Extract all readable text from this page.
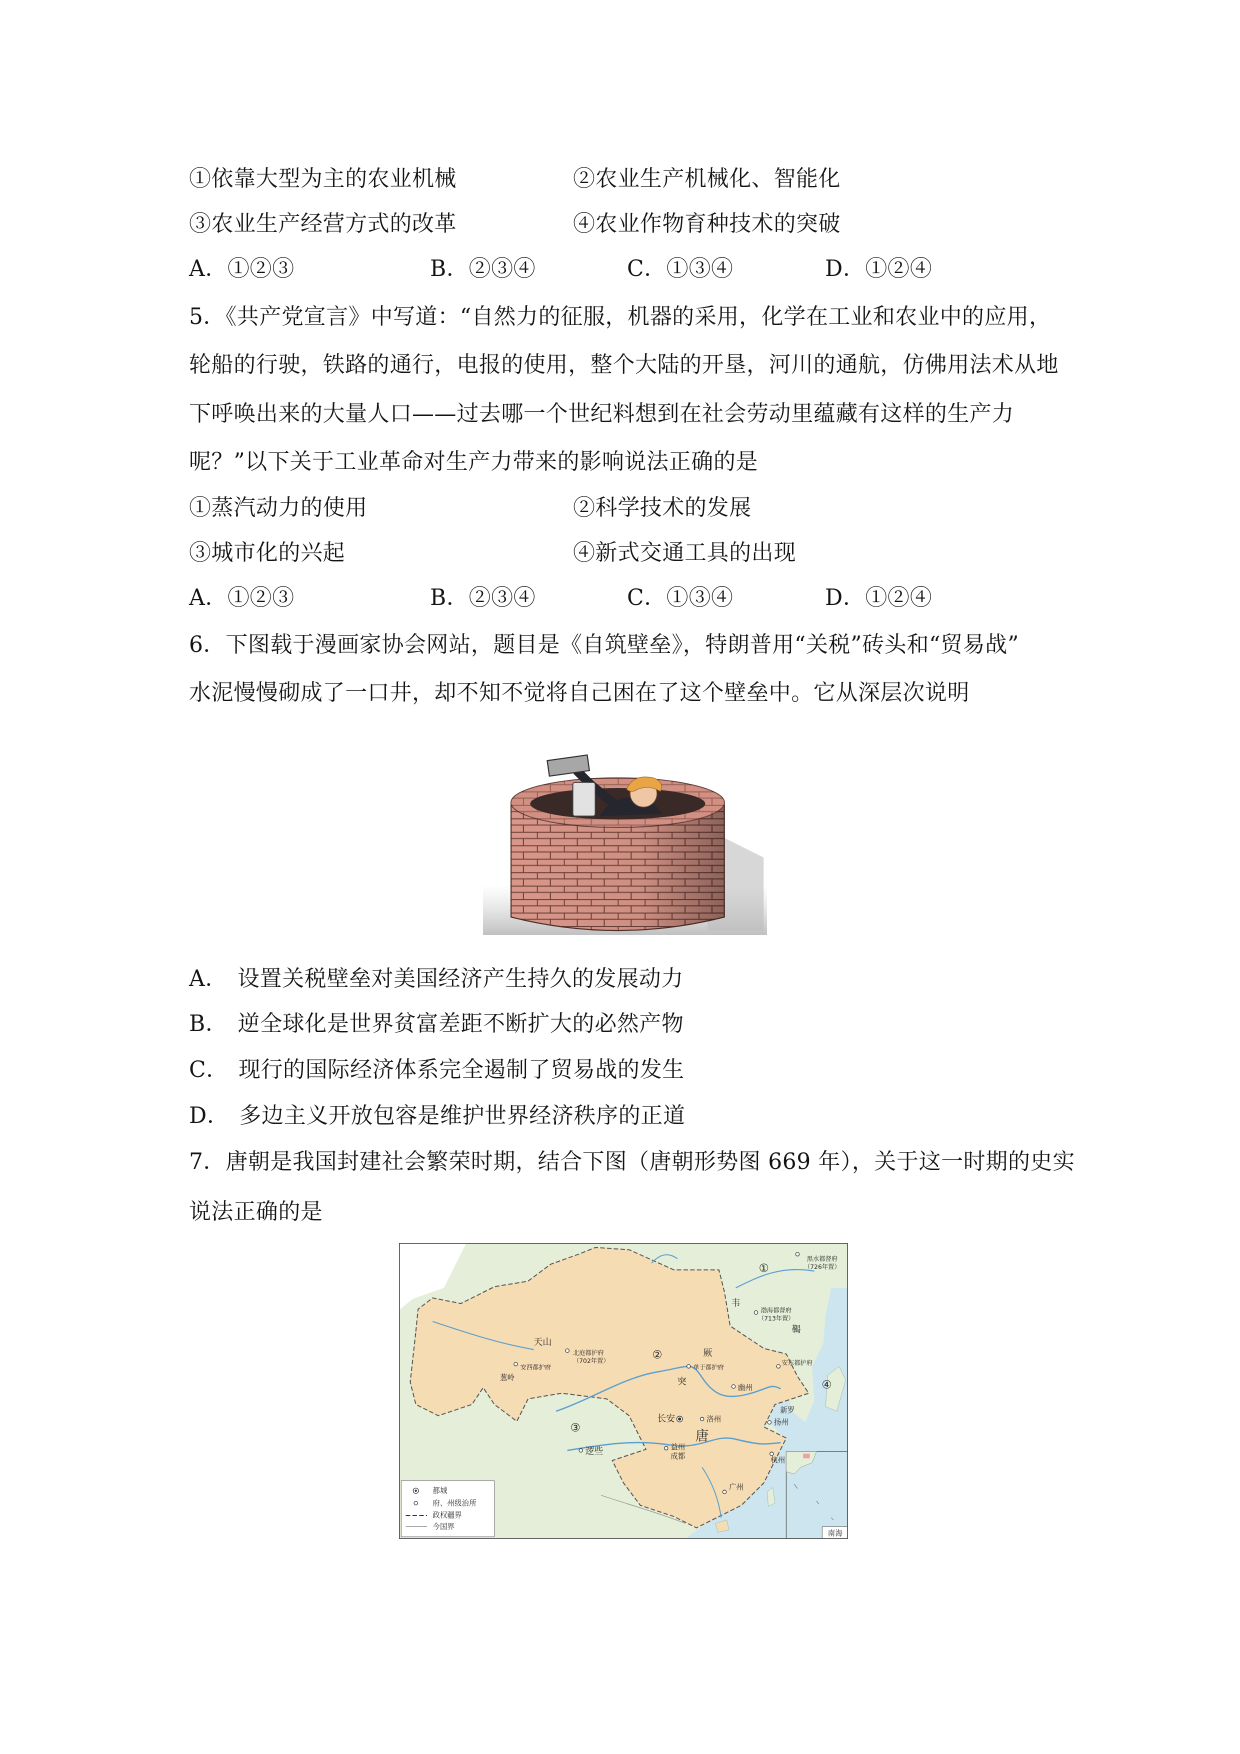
①依靠大型为主的农业机械	②农业生产机械化、智能化
③农业生产经营方式的改革	④农业作物育种技术的突破
A．①②③	B．②③④	C．①③④	D．①②④
5．《共产党宣言》中写道：“自然力的征服，机器的采用，化学在工业和农业中的应用，
轮船的行驶，铁路的通行，电报的使用，整个大陆的开垦，河川的通航，仿佛用法术从地
下呼唤出来的大量人口——过去哪一个世纪料想到在社会劳动里蕴藏有这样的生产力
呢？”以下关于工业革命对生产力带来的影响说法正确的是
①蒸汽动力的使用	②科学技术的发展
③城市化的兴起	④新式交通工具的出现
A．①②③	B．②③④	C．①③④	D．①②④
6．下图载于漫画家协会网站，题目是《自筑壁垒》，特朗普用“关税”砖头和“贸易战”
水泥慢慢砌成了一口井，却不知不觉将自己困在了这个壁垒中。它从深层次说明
A． 设置关税壁垒对美国经济产生持久的发展动力
B． 逆全球化是世界贫富差距不断扩大的必然产物
C． 现行的国际经济体系完全遏制了贸易战的发生
D． 多边主义开放包容是维护世界经济秩序的正道
7．唐朝是我国封建社会繁荣时期，结合下图（唐朝形势图 669 年），关于这一时期的史实
说法正确的是
①
②
③
④
黑水都督府
（726年置）
韦
渤海都督府
（713年置）
鞨
天山
北庭都护府
（702年置）
安西都护府
葱岭
厥
突
单于都护府
幽州
安东都护府
新罗
长安	洛州
唐
扬州
逻些	益州
成都	杭州
广州
都城
府、州级治所
政权疆界
今国界
南海
